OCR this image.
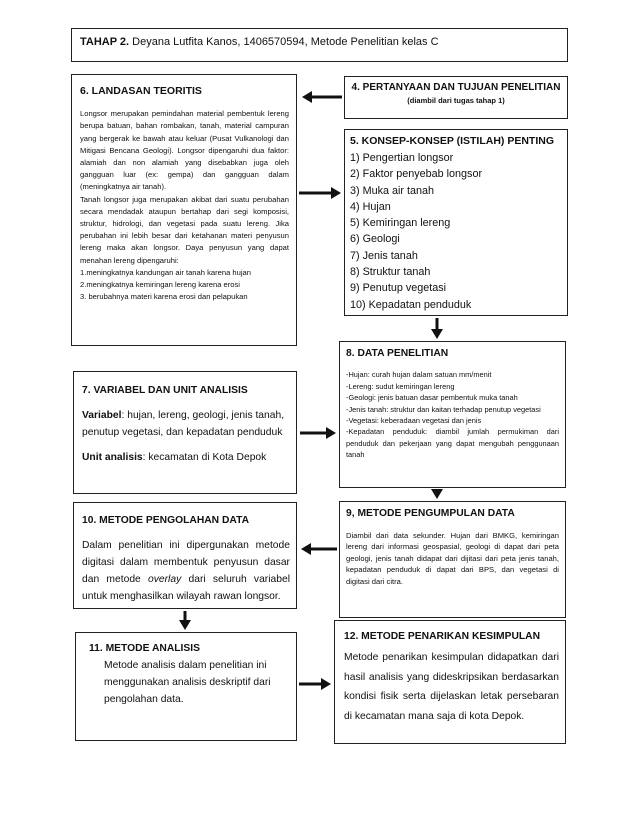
TAHAP 2. Deyana Lutfita Kanos, 1406570594, Metode Penelitian kelas C
6. LANDASAN TEORITIS
Longsor merupakan pemindahan material pembentuk lereng berupa batuan, bahan rombakan, tanah, material campuran yang bergerak ke bawah atau keluar (Pusat Vulkanologi dan Mitigasi Bencana Geologi). Longsor dipengaruhi dua faktor: alamiah dan non alamiah yang disebabkan juga oleh gangguan luar (ex: gempa) dan gangguan dalam (meningkatnya air tanah).
Tanah longsor juga merupakan akibat dari suatu perubahan secara mendadak ataupun bertahap dari segi komposisi, struktur, hidrologi, dan vegetasi pada suatu lereng. Jika perubahan ini lebih besar dari ketahanan materi penyusun lereng maka akan longsor. Daya penyusun yang dapat menahan lereng dipengaruhi:
1.meningkatnya kandungan air tanah karena hujan
2.meningkatnya kemiringan lereng karena erosi
3. berubahnya materi karena erosi dan pelapukan
4. PERTANYAAN DAN TUJUAN PENELITIAN
(diambil dari tugas tahap 1)
5. KONSEP-KONSEP (ISTILAH) PENTING
1) Pengertian longsor
2) Faktor penyebab longsor
3) Muka air tanah
4) Hujan
5) Kemiringan lereng
6) Geologi
7) Jenis tanah
8) Struktur tanah
9) Penutup vegetasi
10) Kepadatan penduduk
8. DATA PENELITIAN
-Hujan: curah hujan dalam satuan mm/menit
-Lereng: sudut kemiringan lereng
-Geologi: jenis batuan dasar pembentuk muka tanah
-Jenis tanah: struktur dan kaitan terhadap penutup vegetasi
-Vegetasi: keberadaan vegetasi dan jenis
-Kepadatan penduduk: diambil jumlah permukiman dari penduduk dan pekerjaan yang dapat mengubah penggunaan tanah
7. VARIABEL DAN UNIT ANALISIS
Variabel: hujan, lereng, geologi, jenis tanah, penutup vegetasi, dan kepadatan penduduk
Unit analisis: kecamatan di Kota Depok
9, METODE PENGUMPULAN DATA
Diambil dari data sekunder. Hujan dari BMKG, kemiringan lereng dari informasi geospasial, geologi di dapat dari peta geologi, jenis tanah didapat dari dijitasi dari peta jenis tanah, kepadatan penduduk di dapat dari BPS, dan vegetasi di digitasi dari citra.
10. METODE PENGOLAHAN DATA
Dalam penelitian ini dipergunakan metode digitasi dalam membentuk penyusun dasar dan metode overlay dari seluruh variabel untuk menghasilkan wilayah rawan longsor.
11. METODE ANALISIS
Metode analisis dalam penelitian ini menggunakan analisis deskriptif dari pengolahan data.
12. METODE PENARIKAN KESIMPULAN
Metode penarikan kesimpulan didapatkan dari hasil analisis yang dideskripsikan berdasarkan kondisi fisik serta dijelaskan letak persebaran di kecamatan mana saja di kota Depok.
